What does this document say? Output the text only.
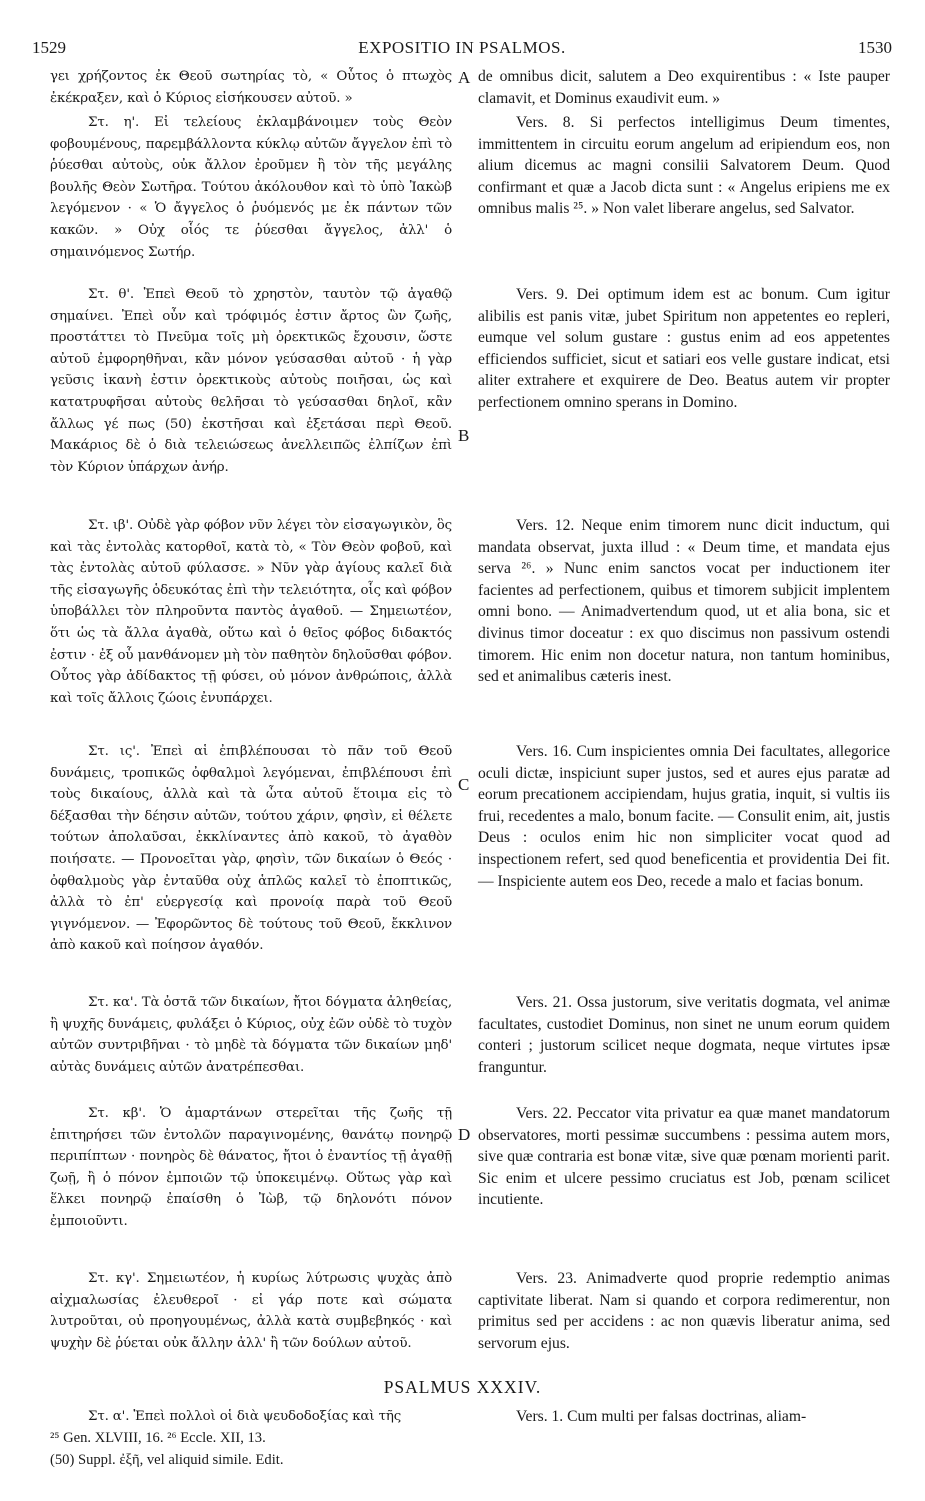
1529	EXPOSITIO IN PSALMOS.	1530

γει χρήζοντος ἐκ Θεοῦ σωτηρίας τὸ, « Οὗτος ὁ πτωχὸς ἐκέκραξεν, καὶ ὁ Κύριος εἰσήκουσεν αὐτοῦ. »

Στ. η'. Εἰ τελείους ἐκλαμβάνοιμεν τοὺς Θεὸν φοβουμένους, παρεμβάλλοντα κύκλῳ αὐτῶν ἄγγελον ἐπὶ τὸ ῥύεσθαι αὐτοὺς, οὐκ ἄλλον ἐροῦμεν ἢ τὸν τῆς μεγάλης βουλῆς Θεὸν Σωτῆρα. Τούτου ἀκόλουθον καὶ τὸ ὑπὸ Ἰακὼβ λεγόμενον · « Ὁ ἄγγελος ὁ ῥυόμενός με ἐκ πάντων τῶν κακῶν. » Οὐχ οἷός τε ῥύεσθαι ἄγγελος, ἀλλ' ὁ σημαινόμενος Σωτήρ.

Στ. θ'. Ἐπεὶ Θεοῦ τὸ χρηστὸν, ταυτὸν τῷ ἀγαθῷ σημαίνει. Ἐπεὶ οὖν καὶ τρόφιμός ἐστιν ἄρτος ὢν ζωῆς, προστάττει τὸ Πνεῦμα τοῖς μὴ ὀρεκτικῶς ἔχουσιν, ὥστε αὐτοῦ ἐμφορηθῆναι, κἂν μόνον γεύσασθαι αὐτοῦ · ἡ γὰρ γεῦσις ἱκανὴ ἐστιν ὀρεκτικοὺς αὐτοὺς ποιῆσαι, ὡς καὶ κατατρυφῆσαι αὐτοὺς θελῆσαι τὸ γεύσασθαι δηλοῖ, κἂν ἄλλως γέ πως (50) ἐκστῆσαι καὶ ἐξετάσαι περὶ Θεοῦ. Μακάριος δὲ ὁ διὰ τελειώσεως ἀνελλειπῶς ἐλπίζων ἐπὶ τὸν Κύριον ὑπάρχων ἀνήρ.

Στ. ιβ'. Οὐδὲ γὰρ φόβον νῦν λέγει τὸν εἰσαγωγικὸν, ὃς καὶ τὰς ἐντολὰς κατορθοῖ, κατὰ τὸ, « Τὸν Θεὸν φοβοῦ, καὶ τὰς ἐντολὰς αὐτοῦ φύλασσε. » Νῦν γὰρ ἁγίους καλεῖ διὰ τῆς εἰσαγωγῆς ὁδευκότας ἐπὶ τὴν τελειότητα, οἷς καὶ φόβον ὑποβάλλει τὸν πληροῦντα παντὸς ἀγαθοῦ. — Σημειωτέον, ὅτι ὡς τὰ ἄλλα ἀγαθὰ, οὕτω καὶ ὁ θεῖος φόβος διδακτός ἐστιν · ἐξ οὗ μανθάνομεν μὴ τὸν παθητὸν δηλοῦσθαι φόβον. Οὗτος γὰρ ἀδίδακτος τῇ φύσει, οὐ μόνον ἀνθρώποις, ἀλλὰ καὶ τοῖς ἄλλοις ζώοις ἐνυπάρχει.

Στ. ις'. Ἐπεὶ αἱ ἐπιβλέπουσαι τὸ πᾶν τοῦ Θεοῦ δυνάμεις, τροπικῶς ὀφθαλμοὶ λεγόμεναι, ἐπιβλέπουσι ἐπὶ τοὺς δικαίους, ἀλλὰ καὶ τὰ ὦτα αὐτοῦ ἕτοιμα εἰς τὸ δέξασθαι τὴν δέησιν αὐτῶν, τούτου χάριν, φησὶν, εἰ θέλετε τούτων ἀπολαῦσαι, ἐκκλίναντες ἀπὸ κακοῦ, τὸ ἀγαθὸν ποιήσατε. — Προνοεῖται γὰρ, φησὶν, τῶν δικαίων ὁ Θεός · ὀφθαλμοὺς γὰρ ἐνταῦθα οὐχ ἁπλῶς καλεῖ τὸ ἐποπτικῶς, ἀλλὰ τὸ ἐπ' εὐεργεσίᾳ καὶ προνοίᾳ παρὰ τοῦ Θεοῦ γιγνόμενον. — Ἐφορῶντος δὲ τούτους τοῦ Θεοῦ, ἔκκλινον ἀπὸ κακοῦ καὶ ποίησον ἀγαθόν.

Στ. κα'. Τὰ ὀστᾶ τῶν δικαίων, ἤτοι δόγματα ἀληθείας, ἢ ψυχῆς δυνάμεις, φυλάξει ὁ Κύριος, οὐχ ἐῶν οὐδὲ τὸ τυχὸν αὐτῶν συντριβῆναι · τὸ μηδὲ τὰ δόγματα τῶν δικαίων μηδ' αὐτὰς δυνάμεις αὐτῶν ἀνατρέπεσθαι.

Στ. κβ'. Ὁ ἁμαρτάνων στερεῖται τῆς ζωῆς τῇ ἐπιτηρήσει τῶν ἐντολῶν παραγινομένης, θανάτῳ πονηρῷ περιπίπτων · πονηρὸς δὲ θάνατος, ἤτοι ὁ ἐναντίος τῇ ἀγαθῇ ζωῇ, ἢ ὁ πόνον ἐμποιῶν τῷ ὑποκειμένῳ. Οὕτως γὰρ καὶ ἕλκει πονηρῷ ἐπαίσθη ὁ Ἰὼβ, τῷ δηλονότι πόνον ἐμποιοῦντι.

Στ. κγ'. Σημειωτέον, ἡ κυρίως λύτρωσις ψυχὰς ἀπὸ αἰχμαλωσίας ἐλευθεροῖ · εἰ γάρ ποτε καὶ σώματα λυτροῦται, οὐ προηγουμένως, ἀλλὰ κατὰ συμβεβηκός · καὶ ψυχὴν δὲ ῥύεται οὐκ ἄλλην ἀλλ' ἢ τῶν δούλων αὐτοῦ.

A
B
C
D

de omnibus dicit, salutem a Deo exquirentibus : « Iste pauper clamavit, et Dominus exaudivit eum. »

Vers. 8. Si perfectos intelligimus Deum timentes, immittentem in circuitu eorum angelum ad eripiendum eos, non alium dicemus ac magni consilii Salvatorem Deum. Quod confirmant et quæ a Jacob dicta sunt : « Angelus eripiens me ex omnibus malis ²⁵. » Non valet liberare angelus, sed Salvator.

Vers. 9. Dei optimum idem est ac bonum. Cum igitur alibilis est panis vitæ, jubet Spiritum non appetentes eo repleri, eumque vel solum gustare : gustus enim ad eos appetentes efficiendos sufficiet, sicut et satiari eos velle gustare indicat, etsi aliter extrahere et exquirere de Deo. Beatus autem vir propter perfectionem omnino sperans in Domino.

Vers. 12. Neque enim timorem nunc dicit inductum, qui mandata observat, juxta illud : « Deum time, et mandata ejus serva ²⁶. » Nunc enim sanctos vocat per inductionem iter facientes ad perfectionem, quibus et timorem subjicit implentem omni bono. — Animadvertendum quod, ut et alia bona, sic et divinus timor doceatur : ex quo discimus non passivum ostendi timorem. Hic enim non docetur natura, non tantum hominibus, sed et animalibus cæteris inest.

Vers. 16. Cum inspicientes omnia Dei facultates, allegorice oculi dictæ, inspiciunt super justos, sed et aures ejus paratæ ad eorum precationem accipiendam, hujus gratia, inquit, si vultis iis frui, recedentes a malo, bonum facite. — Consulit enim, ait, justis Deus : oculos enim hic non simpliciter vocat quod ad inspectionem refert, sed quod beneficentia et providentia Dei fit. — Inspiciente autem eos Deo, recede a malo et facias bonum.

Vers. 21. Ossa justorum, sive veritatis dogmata, vel animæ facultates, custodiet Dominus, non sinet ne unum eorum quidem conteri ; justorum scilicet neque dogmata, neque virtutes ipsæ franguntur.

Vers. 22. Peccator vita privatur ea quæ manet mandatorum observatores, morti pessimæ succumbens : pessima autem mors, sive quæ contraria est bonæ vitæ, sive quæ pœnam morienti parit. Sic enim et ulcere pessimo cruciatus est Job, pœnam scilicet incutiente.

Vers. 23. Animadverte quod proprie redemptio animas captivitate liberat. Nam si quando et corpora redimerentur, non primitus sed per accidens : ac non quævis liberatur anima, sed servorum ejus.

PSALMUS XXXIV.

Στ. α'. Ἐπεὶ πολλοὶ οἱ διὰ ψευδοδοξίας καὶ τῆς	Vers. 1. Cum multi per falsas doctrinas, aliam-

²⁵ Gen. XLVIII, 16. ²⁶ Eccle. XII, 13.
(50) Suppl. ἐξῆ, vel aliquid simile. Edit.
